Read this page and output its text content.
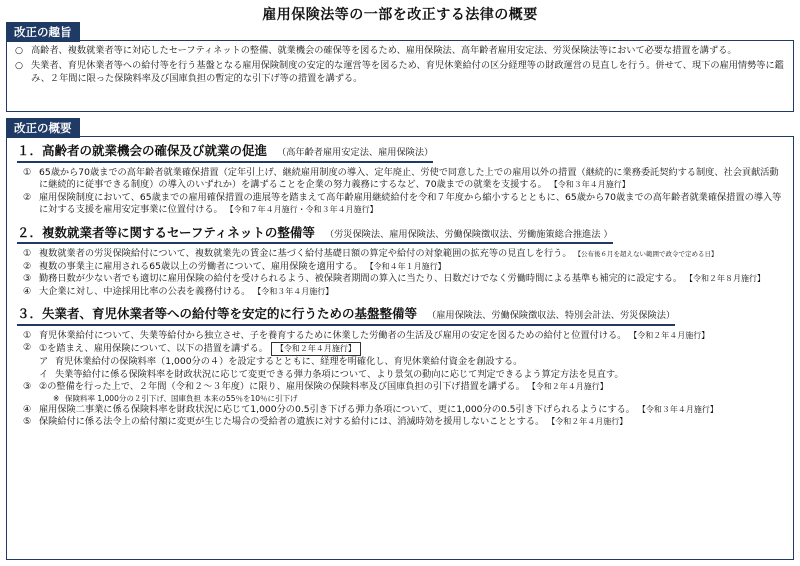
雇用保険法等の一部を改正する法律の概要
改正の趣旨
○ 高齢者、複数就業者等に対応したセーフティネットの整備、就業機会の確保等を図るため、雇用保険法、高年齢者雇用安定法、労災保険法等において必要な措置を講ずる。
○ 失業者、育児休業者等への給付等を行う基盤となる雇用保険制度の安定的な運営等を図るため、育児休業給付の区分経理等の財政運営の見直しを行う。併せて、現下の雇用情勢等に鑑み、２年間に限った保険料率及び国庫負担の暫定的な引下げ等の措置を講ずる。
改正の概要
１．高齢者の就業機会の確保及び就業の促進 （高年齢者雇用安定法、雇用保険法）
① 65歳から70歳までの高年齢者就業確保措置（定年引上げ、継続雇用制度の導入、定年廃止、労使で同意した上での雇用以外の措置（継続的に業務委託契約する制度、社会貢献活動に継続的に従事できる制度）の導入のいずれか）を講ずることを企業の努力義務にするなど、70歳までの就業を支援する。 【令和３年４月施行】
② 雇用保険制度において、65歳までの雇用確保措置の進展等を踏まえて高年齢雇用継続給付を令和７年度から縮小するとともに、65歳から70歳までの高年齢者就業確保措置の導入等に対する支援を雇用安定事業に位置付ける。 【令和７年４月施行・令和３年４月施行】
２．複数就業者等に関するセーフティネットの整備等 （労災保険法、雇用保険法、労働保険徴収法、労働施策総合推進法 ）
① 複数就業者の労災保険給付について、複数就業先の賃金に基づく給付基礎日額の算定や給付の対象範囲の拡充等の見直しを行う。 【公布後６月を超えない範囲で政令で定める日】
② 複数の事業主に雇用される65歳以上の労働者について、雇用保険を適用する。 【令和４年１月施行】
③ 勤務日数が少ない者でも適切に雇用保険の給付を受けられるよう、被保険者期間の算入に当たり、日数だけでなく労働時間による基準も補完的に設定する。 【令和２年８月施行】
④ 大企業に対し、中途採用比率の公表を義務付ける。 【令和３年４月施行】
３．失業者、育児休業者等への給付等を安定的に行うための基盤整備等 （雇用保険法、労働保険徴収法、特別会計法、労災保険法）
① 育児休業給付について、失業等給付から独立させ、子を養育するために休業した労働者の生活及び雇用の安定を図るための給付と位置付ける。 【令和２年４月施行】
② ①を踏まえ、雇用保険について、以下の措置を講ずる。 【令和２年４月施行】
ア 育児休業給付の保険料率（1,000分の４）を設定するとともに、経理を明確化し、育児休業給付資金を創設する。
イ 失業等給付に係る保険料率を財政状況に応じて変更できる弾力条項について、より景気の動向に応じて判定できるよう算定方法を見直す。
③ ②の整備を行った上で、２年間（令和２～３年度）に限り、雇用保険の保険料率及び国庫負担の引下げ措置を講ずる。 【令和２年４月施行】
※ 保険料率 1,000分の２引下げ、国庫負担 本来の55％を10％に引下げ
④ 雇用保険二事業に係る保険料率を財政状況に応じて1,000分の0.5引き下げる弾力条項について、更に1,000分の0.5引き下げられるようにする。 【令和３年４月施行】
⑤ 保険給付に係る法令上の給付額に変更が生じた場合の受給者の遺族に対する給付には、消滅時効を援用しないこととする。 【令和２年４月施行】
